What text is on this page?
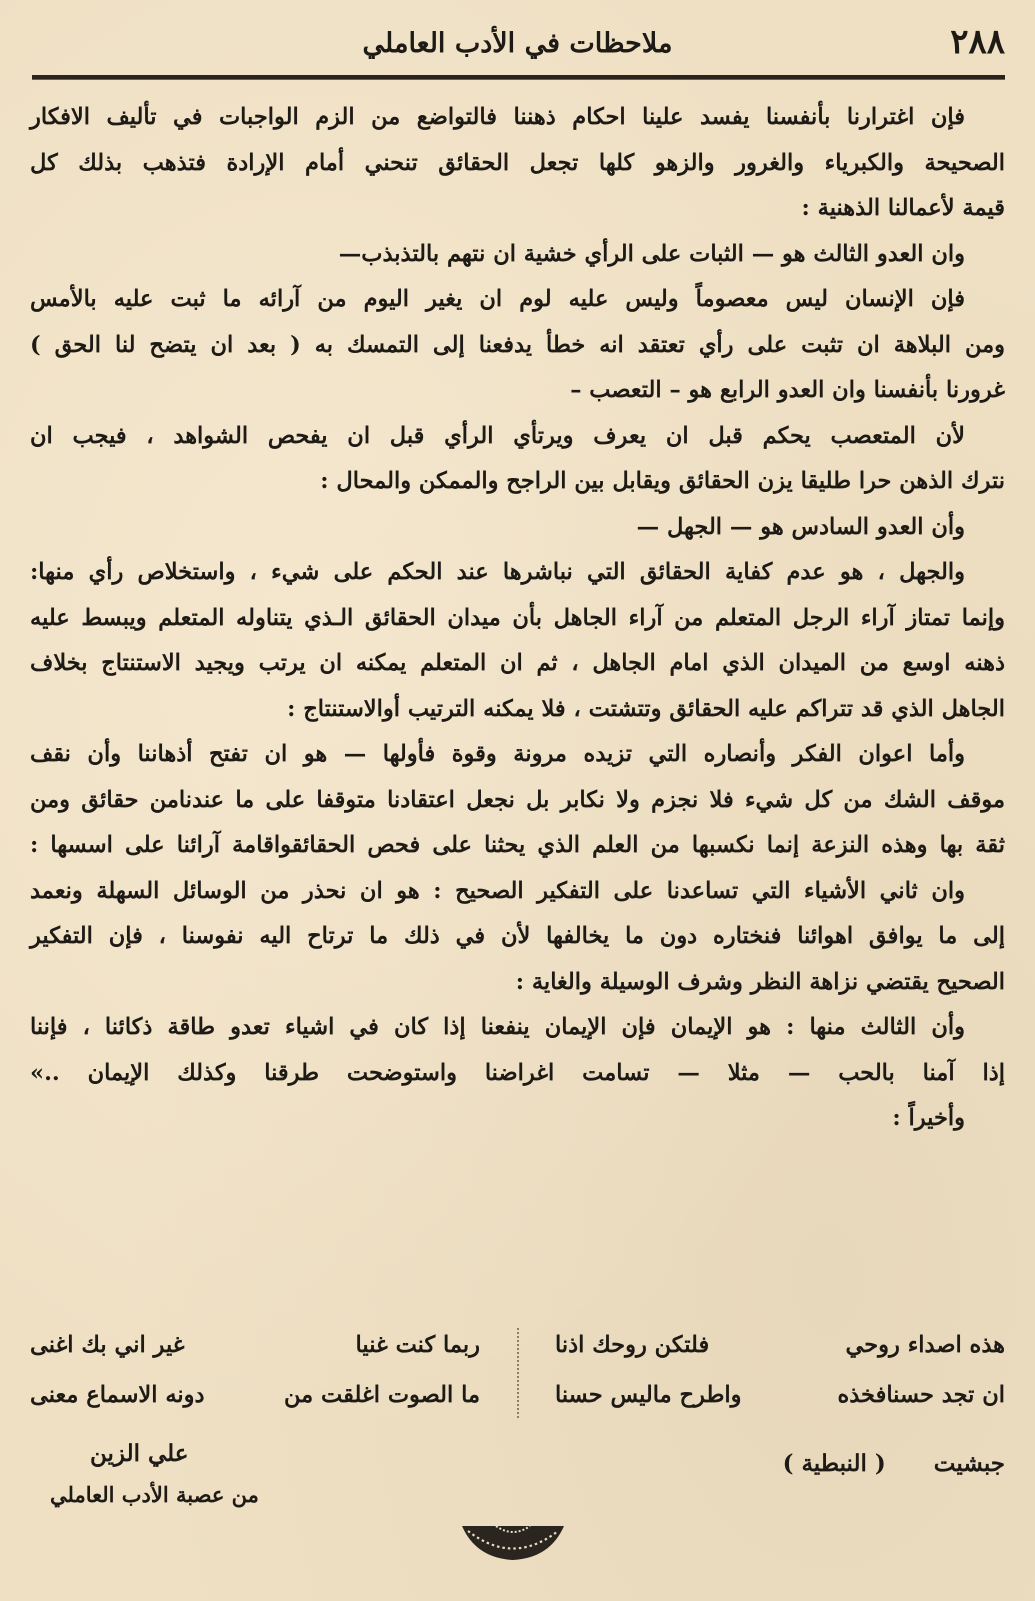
٢٨٨
ملاحظات في الأدب العاملي
فإن اغترارنا بأنفسنا يفسد علينا احكام ذهننا فالتواضع من الزم الواجبات في تأليف الافكار
الصحيحة والكبرياء والغرور والزهو كلها تجعل الحقائق تنحني أمام الإرادة فتذهب بذلك كل
قيمة لأعمالنا الذهنية :
وان العدو الثالث هو — الثبات على الرأي خشية ان نتهم بالتذبذب—
فإن الإنسان ليس معصوماً وليس عليه لوم ان يغير اليوم من آرائه ما ثبت عليه بالأمس
ومن البلاهة ان تثبت على رأي تعتقد انه خطأ يدفعنا إلى التمسك به ( بعد ان يتضح لنا الحق )
غرورنا بأنفسنا وان العدو الرابع هو – التعصب –
لأن المتعصب يحكم قبل ان يعرف ويرتأي الرأي قبل ان يفحص الشواهد ، فيجب ان
نترك الذهن حرا طليقا يزن الحقائق ويقابل بين الراجح والممكن والمحال :
وأن العدو السادس هو — الجهل —
والجهل ، هو عدم كفاية الحقائق التي نباشرها عند الحكم على شيء ، واستخلاص رأي منها:
وإنما تمتاز آراء الرجل المتعلم من آراء الجاهل بأن ميدان الحقائق الـذي يتناوله المتعلم ويبسط عليه
ذهنه اوسع من الميدان الذي امام الجاهل ، ثم ان المتعلم يمكنه ان يرتب ويجيد الاستنتاج بخلاف
الجاهل الذي قد تتراكم عليه الحقائق وتتشتت ، فلا يمكنه الترتيب أوالاستنتاج :
وأما اعوان الفكر وأنصاره التي تزيده مرونة وقوة فأولها — هو ان تفتح أذهاننا وأن نقف
موقف الشك من كل شيء فلا نجزم ولا نكابر بل نجعل اعتقادنا متوقفا على ما عندنامن حقائق ومن
ثقة بها وهذه النزعة إنما نكسبها من العلم الذي يحثنا على فحص الحقائقواقامة آرائنا على اسسها :
وان ثاني الأشياء التي تساعدنا على التفكير الصحيح : هو ان نحذر من الوسائل السهلة ونعمد
إلى ما يوافق اهوائنا فنختاره دون ما يخالفها لأن في ذلك ما ترتاح اليه نفوسنا ، فإن التفكير
الصحيح يقتضي نزاهة النظر وشرف الوسيلة والغاية :
وأن الثالث منها : هو الإيمان فإن الإيمان ينفعنا إذا كان في اشياء تعدو طاقة ذكائنا ، فإننا
إذا آمنا بالحب — مثلا — تسامت اغراضنا واستوضحت طرقنا وكذلك الإيمان ..»
وأخيراً :
هذه اصداء روحي
فلتكن روحك اذنا
ان تجد حسنافخذه
واطرح ماليس حسنا
ربما كنت غنيا
غير اني بك اغنى
ما الصوت اغلقت من
دونه الاسماع معنى
جبشيت ( النبطية )
علي الزين
من عصبة الأدب العاملي
